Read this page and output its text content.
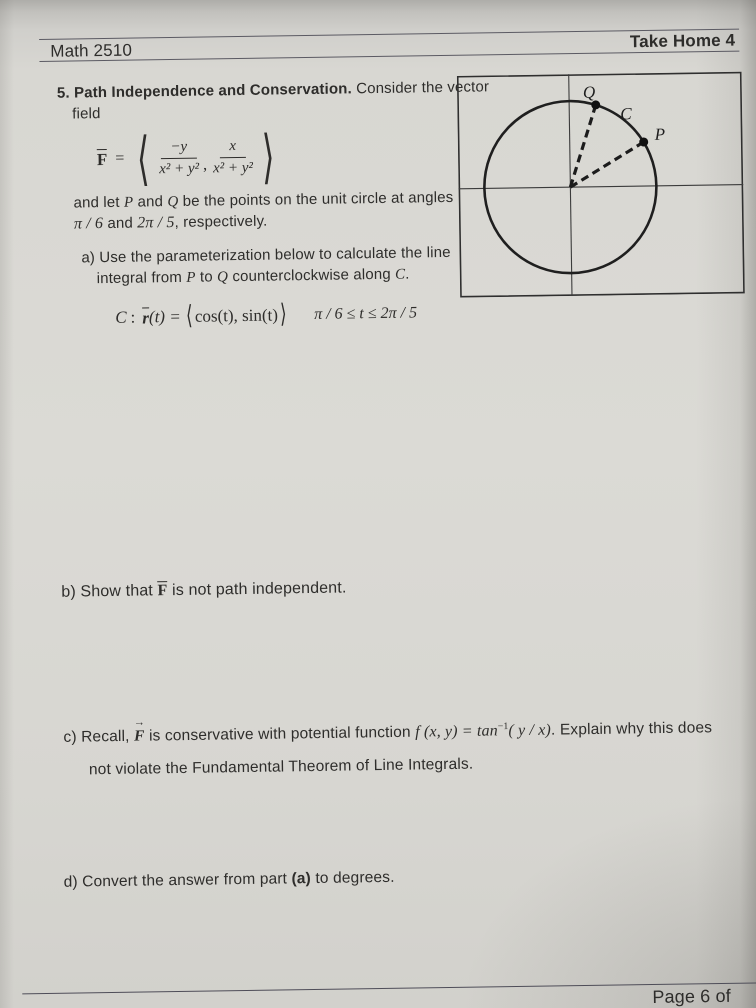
Math 2510	Take Home 4
5. Path Independence and Conservation. Consider the vector
field
F = ⟨ $\frac{-y}{\text{x² + y²}}$ , $\frac{x}{\text{x² + y²}}$ ⟩
and let P and Q be the points on the unit circle at angles
π / 6 and 2π / 5, respectively.
a) Use the parameterization below to calculate the line
integral from P to Q counterclockwise along C.
C : r (t) = ⟨ cos(t), sin(t) ⟩ π / 6 ≤ t ≤ 2π / 5
Q
C
P
b) Show that F is not path independent.
c) Recall, → F is conservative with potential function f (x, $y) = \tan^{-1}$( y / x). Explain why this does
not violate the Fundamental Theorem of Line Integrals.
d) Convert the answer from part (a) to degrees.
Page 6 of
